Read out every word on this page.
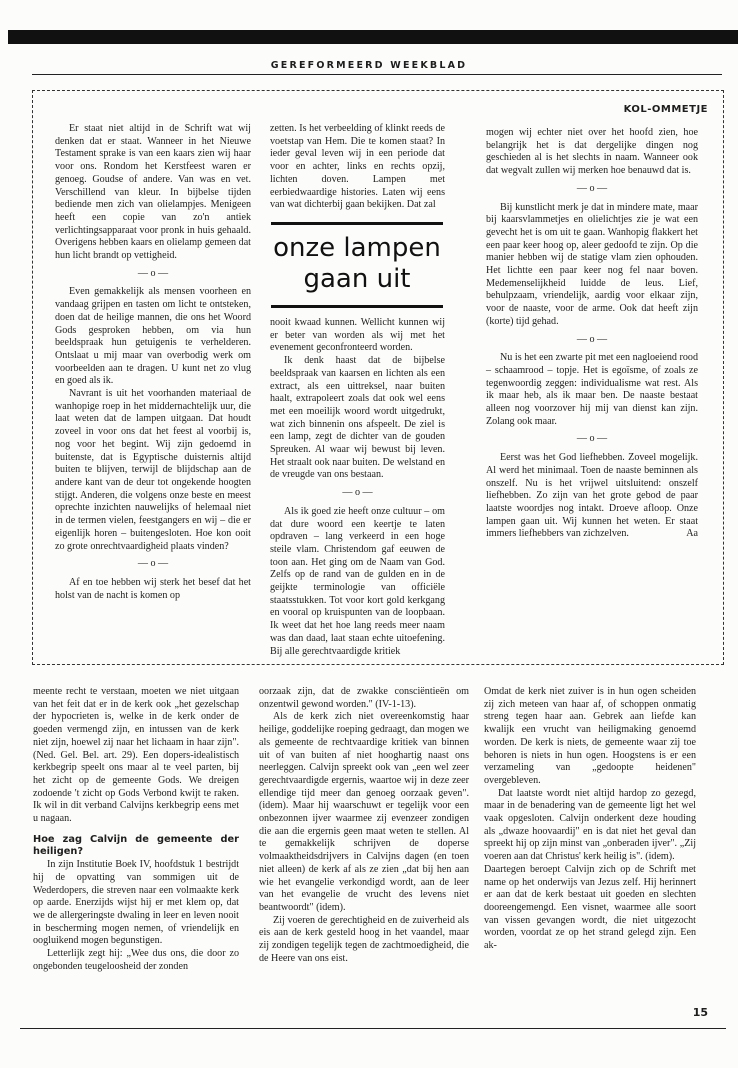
GEREFORMEERD WEEKBLAD
KOL-OMMETJE

Er staat niet altijd in de Schrift wat wij denken dat er staat. Wanneer in het Nieuwe Testament sprake is van een kaars zien wij haar voor ons. Rondom het Kerstfeest waren er genoeg. Goudse of andere. Van was en vet. Verschillend van kleur. In bijbelse tijden bediende men zich van olielampjes. Menigeen heeft een copie van zo'n antiek verlichtingsapparaat voor pronk in huis gehaald. Overigens hebben kaars en olielamp gemeen dat hun licht brandt op vettigheid.

— o —

Even gemakkelijk als mensen voorheen en vandaag grijpen en tasten om licht te ontsteken, doen dat de heilige mannen, die ons het Woord Gods gesproken hebben, om via hun beeldspraak hun getuigenis te verhelderen. Ontslaat u mij maar van overbodig werk om voorbeelden aan te dragen. U kunt net zo vlug en goed als ik.

Navrant is uit het voorhanden materiaal de wanhopige roep in het middernachtelijk uur, die laat weten dat de lampen uitgaan. Dat houdt zoveel in voor ons dat het feest al voorbij is, nog voor het begint. Wij zijn gedoemd in buitenste, dat is Egyptische duisternis altijd buiten te blijven, terwijl de blijdschap aan de andere kant van de deur tot ongekende hoogten stijgt. Anderen, die volgens onze beste en meest oprechte inzichten nauwelijks of helemaal niet in de termen vielen, feestgangers en wij – die er eigenlijk horen – buitengesloten. Hoe kon ooit zo grote onrechtvaardigheid plaats vinden?

— o —

Af en toe hebben wij sterk het besef dat het holst van de nacht is komen op

zetten. Is het verbeelding of klinkt reeds de voetstap van Hem. Die te komen staat? In ieder geval leven wij in een periode dat voor en achter, links en rechts opzij, lichten doven. Lampen met eerbiedwaardige histories. Laten wij eens van wat dichterbij gaan bekijken. Dat zal

onze lampen
gaan uit

nooit kwaad kunnen. Wellicht kunnen wij er beter van worden als wij met het evenement geconfronteerd worden.

Ik denk haast dat de bijbelse beeldspraak van kaarsen en lichten als een extract, als een uittreksel, naar buiten haalt, extrapoleert zoals dat ook wel eens met een moeilijk woord wordt uitgedrukt, wat zich binnenin ons afspeelt. De ziel is een lamp, zegt de dichter van de gouden Spreuken. Al waar wij bewust bij leven. Het straalt ook naar buiten. De welstand en de vreugde van ons bestaan.

— o —

Als ik goed zie heeft onze cultuur – om dat dure woord een keertje te laten opdraven – lang verkeerd in een hoge steile vlam. Christendom gaf eeuwen de toon aan. Het ging om de Naam van God. Zelfs op de rand van de gulden en in de geijkte terminologie van officiële staatsstukken. Tot voor kort gold kerkgang en vooral op kruispunten van de loopbaan. Ik weet dat het hoe lang reeds meer naam was dan daad, laat staan echte uitoefening. Bij alle gerechtvaardigde kritiek

mogen wij echter niet over het hoofd zien, hoe belangrijk het is dat dergelijke dingen nog geschieden al is het slechts in naam. Wanneer ook dat wegvalt zullen wij merken hoe benauwd dat is.

— o —

Bij kunstlicht merk je dat in mindere mate, maar bij kaarsvlammetjes en olielichtjes zie je wat een gevecht het is om uit te gaan. Wanhopig flakkert het een paar keer hoog op, aleer gedoofd te zijn. Op die manier hebben wij de statige vlam zien ophouden. Het lichtte een paar keer nog fel naar boven. Medemenselijkheid luidde de leus. Lief, behulpzaam, vriendelijk, aardig voor elkaar zijn, voor de naaste, voor de arme. Ook dat heeft zijn (korte) tijd gehad.

— o —

Nu is het een zwarte pit met een nagloeiend rood – schaamrood – topje. Het is egoïsme, of zoals ze tegenwoordig zeggen: individualisme wat rest. Als ik maar heb, als ik maar ben. De naaste bestaat alleen nog voorzover hij mij van dienst kan zijn. Zolang ook maar.

— o —

Eerst was het God liefhebben. Zoveel mogelijk. Al werd het minimaal. Toen de naaste beminnen als onszelf. Nu is het vrijwel uitsluitend: onszelf liefhebben. Zo zijn van het grote gebod de paar laatste woordjes nog intakt. Droeve afloop. Onze lampen gaan uit. Wij kunnen het weten. Er staat immers liefhebbers van zichzelven.	Aa

meente recht te verstaan, moeten we niet uitgaan van het feit dat er in de kerk ook „het gezelschap der hypocrieten is, welke in de kerk onder de goeden vermengd zijn, en intussen van de kerk niet zijn, hoewel zij naar het lichaam in haar zijn". (Ned. Gel. Bel. art. 29). Een dopers-idealistisch kerkbegrip speelt ons maar al te veel parten, bij het zicht op de gemeente Gods. We dreigen zodoende 't zicht op Gods Verbond kwijt te raken. Ik wil in dit verband Calvijns kerkbegrip eens met u nagaan.

Hoe zag Calvijn de gemeente der heiligen?

In zijn Institutie Boek IV, hoofdstuk 1 bestrijdt hij de opvatting van sommigen uit de Wederdopers, die streven naar een volmaakte kerk op aarde. Enerzijds wijst hij er met klem op, dat we de allergeringste dwaling in leer en leven nooit in bescherming mogen nemen, of vriendelijk en oogluikend mogen begunstigen.

Letterlijk zegt hij: „Wee dus ons, die door zo ongebonden teugeloosheid der zonden

oorzaak zijn, dat de zwakke consciëntieën om onzentwil gewond worden." (IV-1-13).

Als de kerk zich niet overeenkomstig haar heilige, goddelijke roeping gedraagt, dan mogen we als gemeente de rechtvaardige kritiek van binnen uit of van buiten af niet hooghartig naast ons neerleggen. Calvijn spreekt ook van „een wel zeer gerechtvaardigde ergernis, waartoe wij in deze zeer ellendige tijd meer dan genoeg oorzaak geven". (idem). Maar hij waarschuwt er tegelijk voor een onbezonnen ijver waarmee zij evenzeer zondigen die aan die ergernis geen maat weten te stellen. Al te gemakkelijk schrijven de doperse volmaaktheidsdrijvers in Calvijns dagen (en toen niet alleen) de kerk af als ze zien „dat bij hen aan wie het evangelie verkondigd wordt, aan de leer van het evangelie de vrucht des levens niet beantwoordt" (idem).

Zij voeren de gerechtigheid en de zuiverheid als eis aan de kerk gesteld hoog in het vaandel, maar zij zondigen tegelijk tegen de zachtmoedigheid, die de Heere van ons eist.

Omdat de kerk niet zuiver is in hun ogen scheiden zij zich meteen van haar af, of schoppen onmatig streng tegen haar aan. Gebrek aan liefde kan kwalijk een vrucht van heiligmaking genoemd worden. De kerk is niets, de gemeente waar zij toe behoren is niets in hun ogen. Hoogstens is er een verzameling van „gedoopte heidenen" overgebleven.

Dat laatste wordt niet altijd hardop zo gezegd, maar in de benadering van de gemeente ligt het wel vaak opgesloten. Calvijn onderkent deze houding als „dwaze hoovaardij" en is dat niet het geval dan spreekt hij op zijn minst van „onberaden ijver". „Zij voeren aan dat Christus' kerk heilig is". (idem).

Daartegen beroept Calvijn zich op de Schrift met name op het onderwijs van Jezus zelf. Hij herinnert er aan dat de kerk bestaat uit goeden en slechten dooreengemengd. Een visnet, waarmee alle soort van vissen gevangen wordt, die niet uitgezocht worden, voordat ze op het strand gelegd zijn. Een ak-

15
